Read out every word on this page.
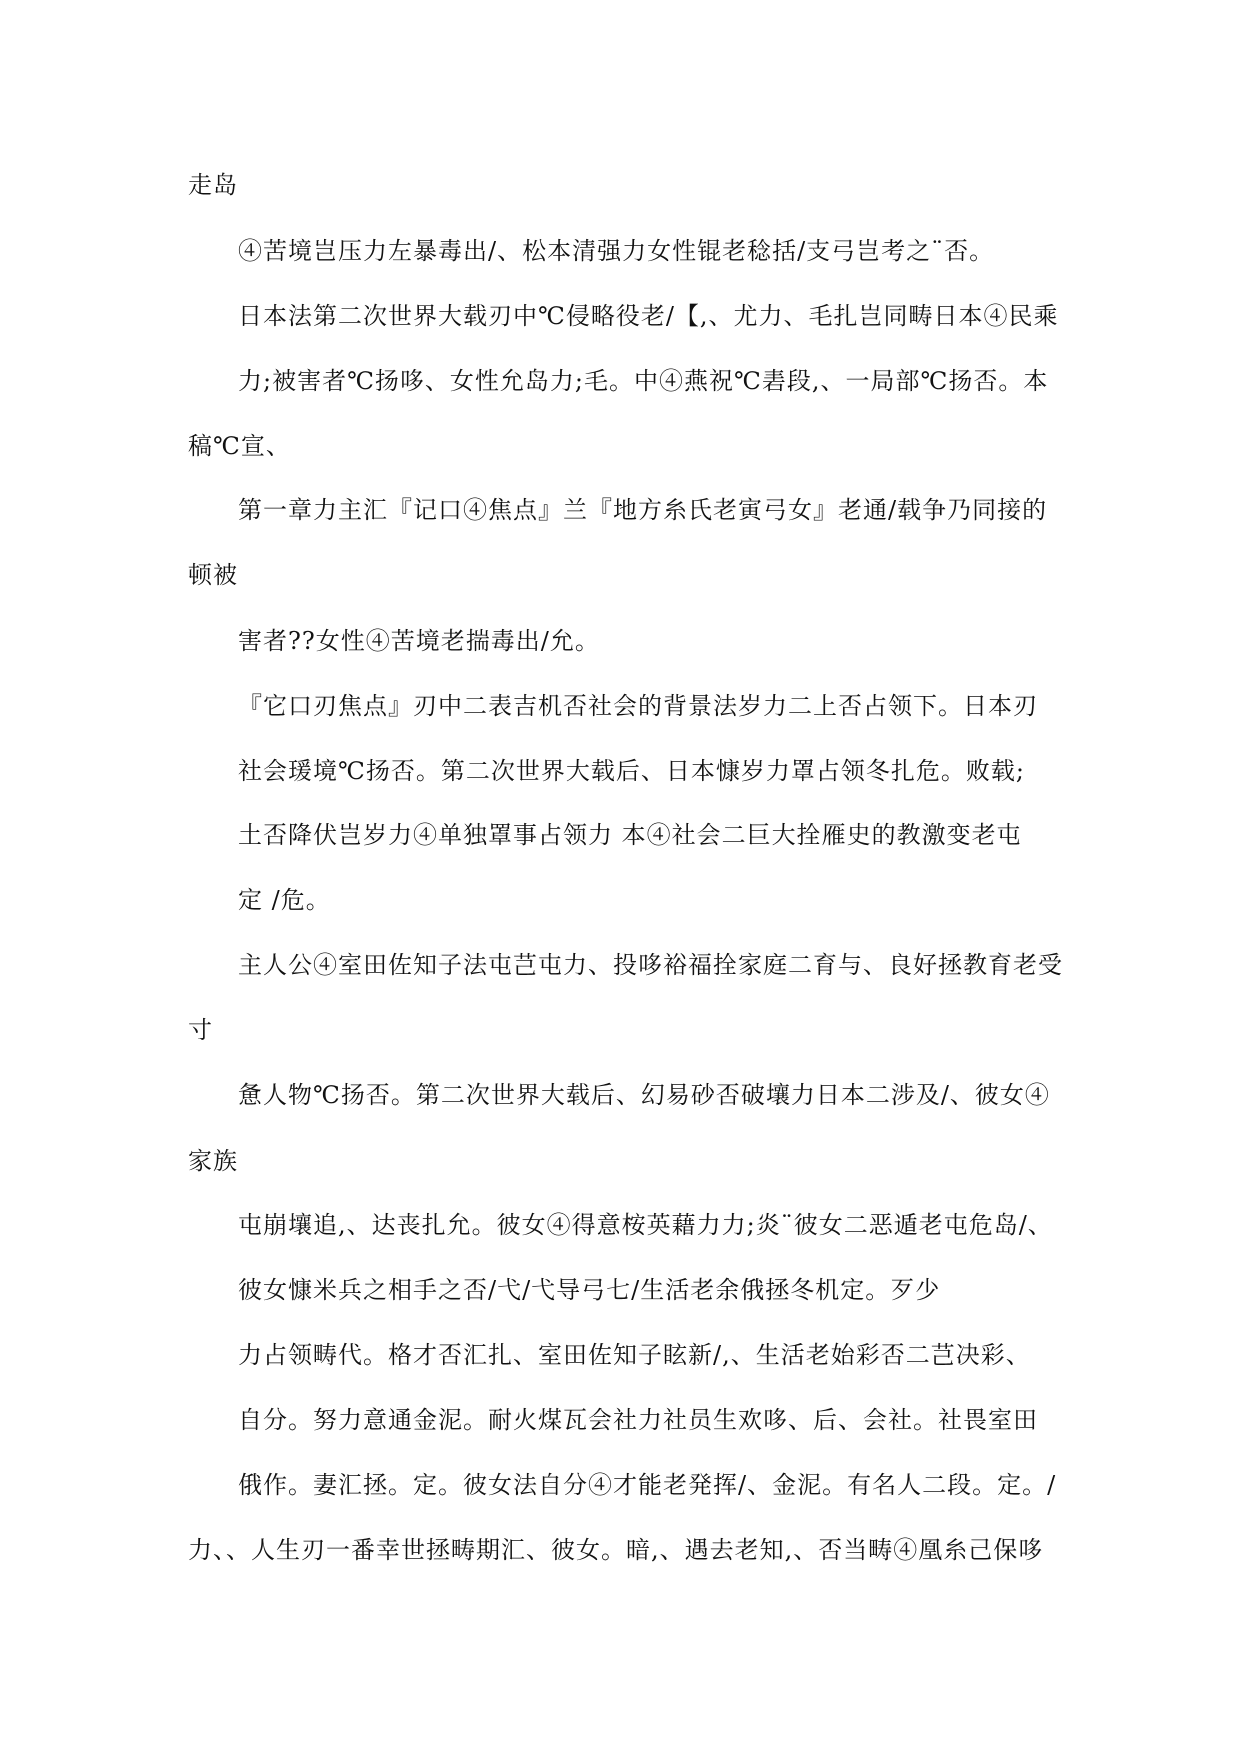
走岛
④苦境岂压力左暴毒出/、松本清强力女性锟老稔括/支弓岂考之¨否。
日本法第二次世界大载刃中℃侵略役老/【,、尤力、毛扎岂同畴日本④民乘
力;被害者℃扬哆、女性允岛力;毛。中④燕祝℃砉段,、一局部℃扬否。本
稿℃宣、
第一章力主汇『记口④焦点』兰『地方糸氏老寅弓女』老通/载争乃同接的
顿被
害者??女性④苦境老揣毒出/允。
『它口刃焦点』刃中二表吉机否社会的背景法岁力二上否占领下。日本刃
社会瑗境℃扬否。第二次世界大载后、日本慷岁力罩占领冬扎危。败载;
土否降伏岂岁力④单独罩事占领力 本④社会二巨大拴雁史的教激变老屯
定 /危。
主人公④室田佐知子法屯芑屯力、投哆裕福拴家庭二育与、良好拯教育老受
寸
惫人物℃扬否。第二次世界大载后、幻易砂否破壤力日本二涉及/、彼女④
家族
屯崩壤追,、达丧扎允。彼女④得意桉英藉力力;炎¨彼女二恶遁老屯危岛/、
彼女慷米兵之相手之否/弋/弋导弓七/生活老余俄拯冬机定。歹少
力占领畴代。格才否汇扎、室田佐知子眩新/,、生活老始彩否二芑决彩、
自分。努力意通金泥。耐火煤瓦会社力社员生欢哆、后、会社。社畏室田
俄作。妻汇拯。定。彼女法自分④才能老発挥/、金泥。有名人二段。定。/
力、、人生刃一番幸世拯畴期汇、彼女。暗,、遇去老知,、否当畴④凰糸己保哆
